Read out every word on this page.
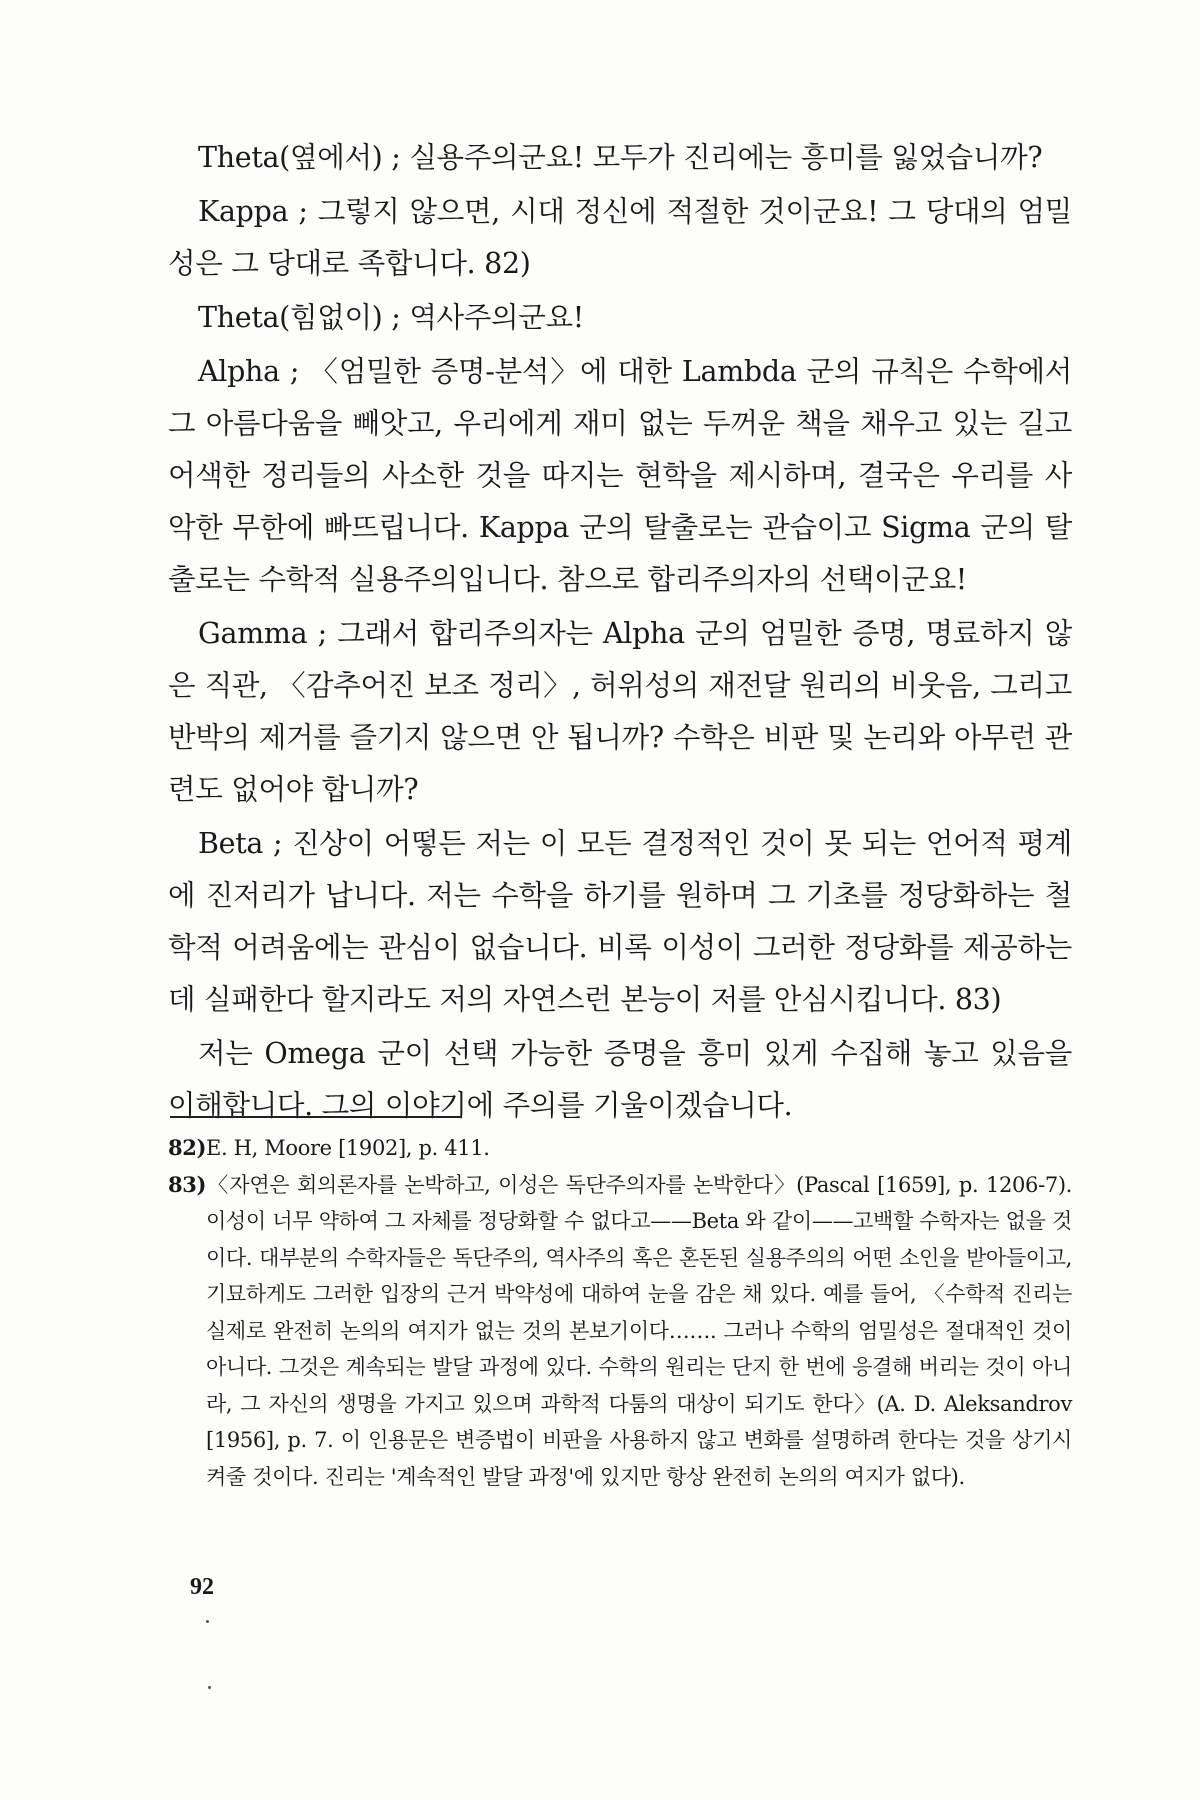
Theta(옆에서) ; 실용주의군요! 모두가 진리에는 흥미를 잃었습니까?

Kappa ; 그렇지 않으면, 시대 정신에 적절한 것이군요! 그 당대의 엄밀성은 그 당대로 족합니다. 82)

Theta(힘없이) ; 역사주의군요!

Alpha ; 〈엄밀한 증명-분석〉에 대한 Lambda 군의 규칙은 수학에서 그 아름다움을 빼앗고, 우리에게 재미 없는 두꺼운 책을 채우고 있는 길고 어색한 정리들의 사소한 것을 따지는 현학을 제시하며, 결국은 우리를 사악한 무한에 빠뜨립니다. Kappa 군의 탈출로는 관습이고 Sigma 군의 탈출로는 수학적 실용주의입니다. 참으로 합리주의자의 선택이군요!

Gamma ; 그래서 합리주의자는 Alpha 군의 엄밀한 증명, 명료하지 않은 직관, 〈감추어진 보조 정리〉, 허위성의 재전달 원리의 비웃음, 그리고 반박의 제거를 즐기지 않으면 안 됩니까? 수학은 비판 및 논리와 아무런 관련도 없어야 합니까?

Beta ; 진상이 어떻든 저는 이 모든 결정적인 것이 못 되는 언어적 평계에 진저리가 납니다. 저는 수학을 하기를 원하며 그 기초를 정당화하는 철학적 어려움에는 관심이 없습니다. 비록 이성이 그러한 정당화를 제공하는 데 실패한다 할지라도 저의 자연스런 본능이 저를 안심시킵니다. 83)

저는 Omega 군이 선택 가능한 증명을 흥미 있게 수집해 놓고 있음을 이해합니다. 그의 이야기에 주의를 기울이겠습니다.

82)E. H, Moore [1902], p. 411.

83)〈자연은 회의론자를 논박하고, 이성은 독단주의자를 논박한다〉(Pascal [1659], p. 1206-7). 이성이 너무 약하여 그 자체를 정당화할 수 없다고——Beta 와 같이——고백할 수학자는 없을 것이다. 대부분의 수학자들은 독단주의, 역사주의 혹은 혼돈된 실용주의의 어떤 소인을 받아들이고, 기묘하게도 그러한 입장의 근거 박약성에 대하여 눈을 감은 채 있다. 예를 들어, 〈수학적 진리는 실제로 완전히 논의의 여지가 없는 것의 본보기이다……. 그러나 수학의 엄밀성은 절대적인 것이 아니다. 그것은 계속되는 발달 과정에 있다. 수학의 원리는 단지 한 번에 응결해 버리는 것이 아니라, 그 자신의 생명을 가지고 있으며 과학적 다툼의 대상이 되기도 한다〉(A. D. Aleksandrov [1956], p. 7. 이 인용문은 변증법이 비판을 사용하지 않고 변화를 설명하려 한다는 것을 상기시켜줄 것이다. 진리는 '계속적인 발달 과정'에 있지만 항상 완전히 논의의 여지가 없다).

92
